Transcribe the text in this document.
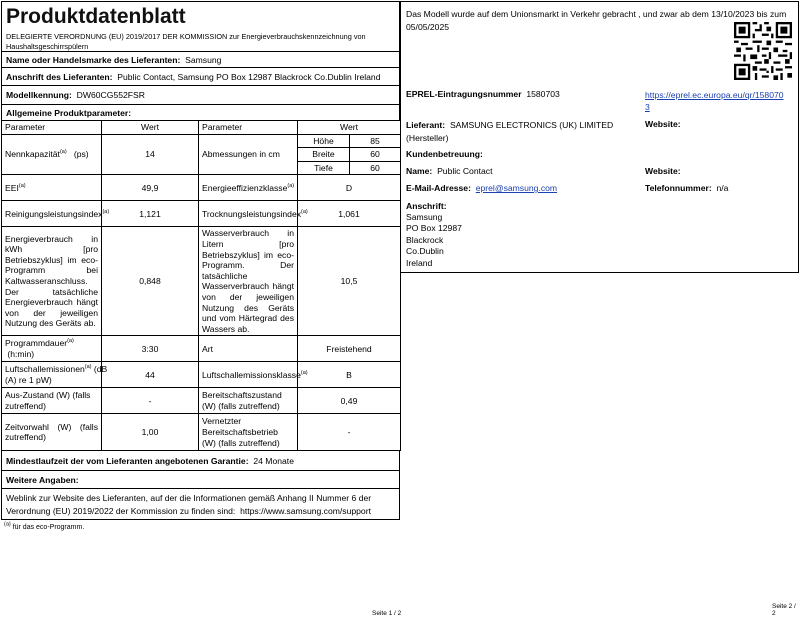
Produktdatenblatt
DELEGIERTE VERORDNUNG (EU) 2019/2017 DER KOMMISSION zur Energieverbrauchskennzeichnung von Haushaltsgeschirrspülern
Name oder Handelsmarke des Lieferanten:
Samsung
Anschrift des Lieferanten:
Public Contact, Samsung PO Box 12987 Blackrock Co.Dublin Ireland
Modellkennung:
DW60CG552FSR
Allgemeine Produktparameter:
Parameter	Wert	Parameter	Wert	
Nennkapazität$^{(a)}$ (ps)	14	Abmessungen in cm	Höhe	85
			Breite	60
			Tiefe	60
EEI$^{(a)}$	49,9	Energieeffizienzklasse$^{(a)}$	D	
Reinigungsleistungsindex$^{(a)}$	1,121	Trocknungsleistungsindex$^{(a)}$	1,061	
Energieverbrauch in kWh [pro Betriebszyklus] im eco-Programm bei Kaltwasseranschluss. Der tatsächliche Energieverbrauch hängt von der jeweiligen Nutzung des Geräts ab.	0,848	Wasserverbrauch in Litern [pro Betriebszyklus] im eco-Programm. Der tatsächliche Wasserverbrauch hängt von der jeweiligen Nutzung des Geräts und vom Härtegrad des Wassers ab.	10,5	
Programmdauer$^{(a)}$
(h:min)	3:30	Art	Freistehend	
Luftschallemissionen$^{(a)}$ (dB (A) re 1 pW)	44	Luftschallemissionsklasse$^{(a)}$	B	
Aus-Zustand (W) (falls zutreffend)	-	Bereitschaftszustand (W) (falls zutreffend)	0,49	
Zeitvorwahl (W) (falls zutreffend)	1,00	Vernetzter Bereitschaftsbetrieb (W) (falls zutreffend)	-	
Mindestlaufzeit der vom Lieferanten angebotenen Garantie:
24 Monate
Weitere Angaben:
Weblink zur Website des Lieferanten, auf der die Informationen gemäß Anhang II Nummer 6 der Verordnung (EU) 2019/2022 der Kommission zu finden sind: https://www.samsung.com/support
$^{(a)}$ für das eco-Programm.
Seite 1 / 2
Das Modell wurde auf dem Unionsmarkt in Verkehr gebracht , und zwar ab dem 13/10/2023 bis zum 05/05/2025
EPREL-Eintragungsnummer 1580703	https://eprel.ec.europa.eu/qr/1580703
Lieferant: SAMSUNG ELECTRONICS (UK) LIMITED (Hersteller)
Website:
Kundenbetreuung:
Name: Public Contact	Website:
E-Mail-Adresse: eprel@samsung.com	Telefonnummer: n/a
Anschrift:
Samsung
PO Box 12987
Blackrock
Co.Dublin
Ireland
Seite 2 / 2
